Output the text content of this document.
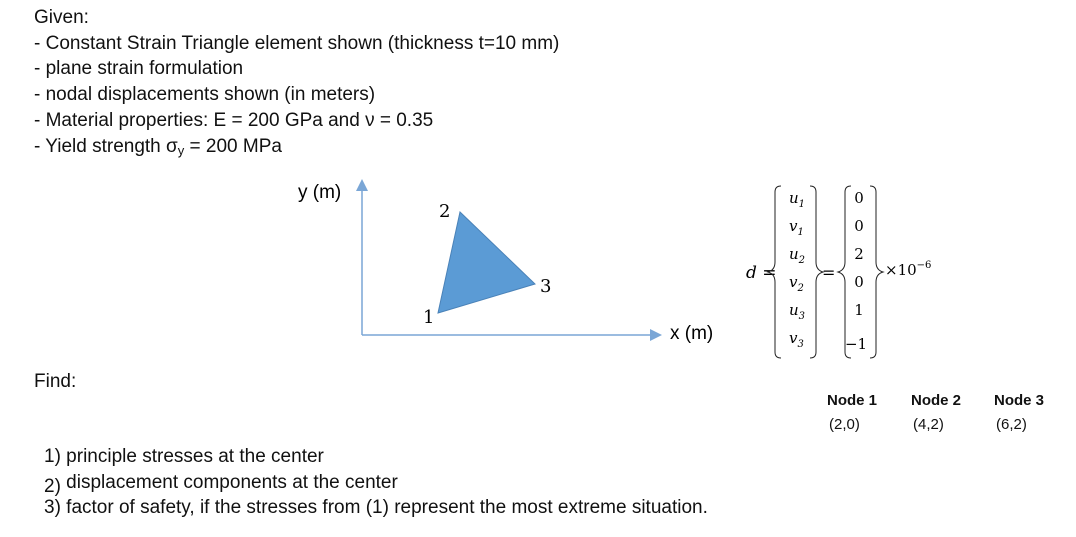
Given:
- Constant Strain Triangle element shown (thickness t=10 mm)
- plane strain formulation
- nodal displacements shown (in meters)
- Material properties: E = 200 GPa and ν = 0.35
- Yield strength σy = 200 MPa
y (m)
x (m)
1
2
3
d =
$u_1$
$v_1$
$u_2$
$v_2$
$u_3$
$v_3$
=
0
0
2
0
1
−1
$\times 10^{-6}$
Find:
1) principle stresses at the center
2) displacement components at the center
3) factor of safety, if the stresses from (1) represent the most extreme situation.
Node 1 Node 2 Node 3
(2,0)	(4,2)	(6,2)
